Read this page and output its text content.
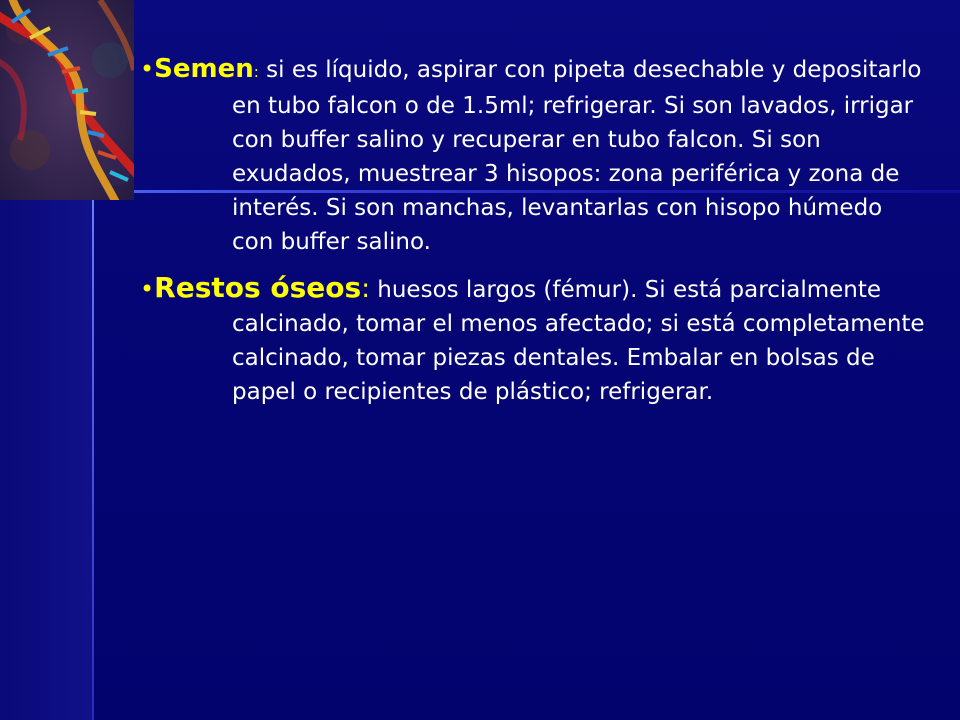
•Semen: si es líquido, aspirar con pipeta desechable y depositarlo en tubo falcon o de 1.5ml; refrigerar. Si son lavados, irrigar con buffer salino y recuperar en tubo falcon. Si son exudados, muestrear 3 hisopos: zona periférica y zona de interés. Si son manchas, levantarlas con hisopo húmedo con buffer salino.
•Restos óseos: huesos largos (fémur). Si está parcialmente calcinado, tomar el menos afectado; si está completamente calcinado, tomar piezas dentales. Embalar en bolsas de papel o recipientes de plástico; refrigerar.
